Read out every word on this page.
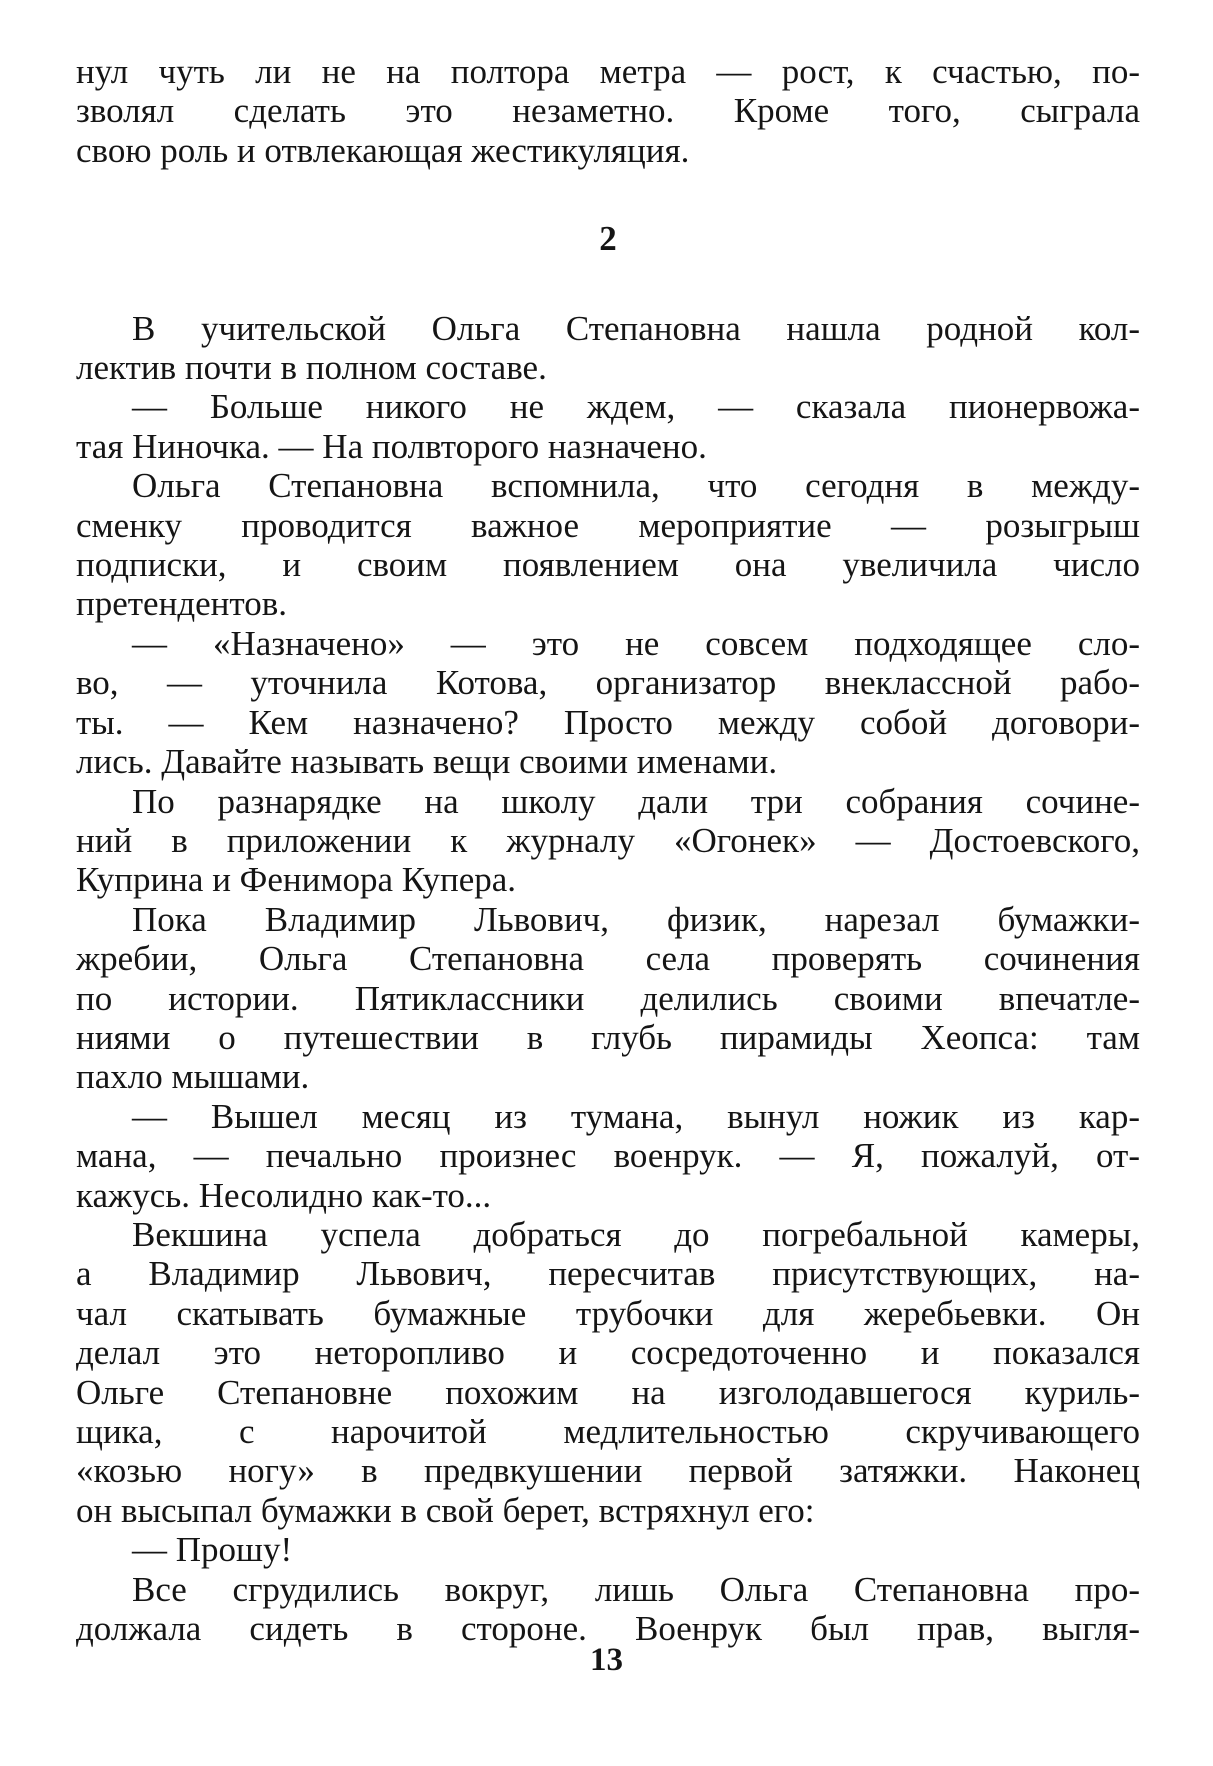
нул чуть ли не на полтора метра — рост, к счастью, по-
зволял сделать это незаметно. Кроме того, сыграла
свою роль и отвлекающая жестикуляция.
2
В учительской Ольга Степановна нашла родной кол-
лектив почти в полном составе.
— Больше никого не ждем, — сказала пионервожа-
тая Ниночка. — На полвторого назначено.
Ольга Степановна вспомнила, что сегодня в между-
сменку проводится важное мероприятие — розыгрыш
подписки, и своим появлением она увеличила число
претендентов.
— «Назначено» — это не совсем подходящее сло-
во, — уточнила Котова, организатор внеклассной рабо-
ты. — Кем назначено? Просто между собой договори-
лись. Давайте называть вещи своими именами.
По разнарядке на школу дали три собрания сочине-
ний в приложении к журналу «Огонек» — Достоевского,
Куприна и Фенимора Купера.
Пока Владимир Львович, физик, нарезал бумажки-
жребии, Ольга Степановна села проверять сочинения
по истории. Пятиклассники делились своими впечатле-
ниями о путешествии в глубь пирамиды Хеопса: там
пахло мышами.
— Вышел месяц из тумана, вынул ножик из кар-
мана, — печально произнес военрук. — Я, пожалуй, от-
кажусь. Несолидно как-то...
Векшина успела добраться до погребальной камеры,
а Владимир Львович, пересчитав присутствующих, на-
чал скатывать бумажные трубочки для жеребьевки. Он
делал это неторопливо и сосредоточенно и показался
Ольге Степановне похожим на изголодавшегося куриль-
щика, с нарочитой медлительностью скручивающего
«козью ногу» в предвкушении первой затяжки. Наконец
он высыпал бумажки в свой берет, встряхнул его:
— Прошу!
Все сгрудились вокруг, лишь Ольга Степановна про-
должала сидеть в стороне. Военрук был прав, выгля-
13
